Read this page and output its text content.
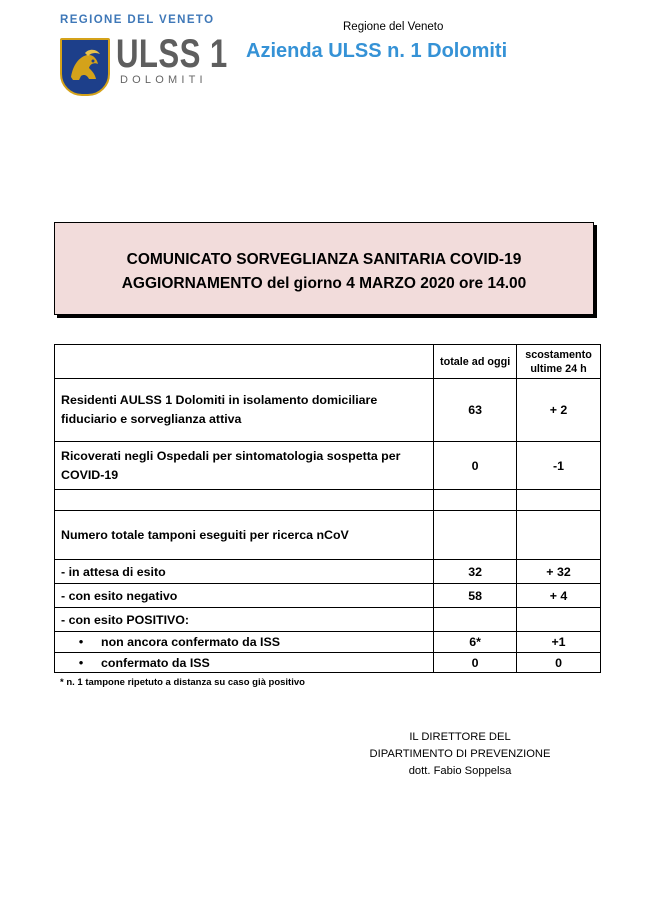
REGIONE DEL VENETO
ULSS 1
DOLOMITI
Regione del Veneto
Azienda ULSS n. 1 Dolomiti
COMUNICATO SORVEGLIANZA SANITARIA COVID-19
AGGIORNAMENTO del giorno 4 MARZO 2020 ore 14.00
	totale ad oggi	scostamento ultime 24 h
Residenti AULSS 1 Dolomiti in isolamento domiciliare fiduciario e sorveglianza attiva	63	+ 2
Ricoverati negli Ospedali per sintomatologia sospetta per COVID-19	0	-1

Numero totale tamponi eseguiti per ricerca nCoV		
- in attesa di esito	32	+ 32
- con esito negativo	58	+ 4
- con esito POSITIVO:		
• non ancora confermato da ISS	6*	+1
• confermato da ISS	0	0
* n. 1 tampone ripetuto a distanza su caso già positivo
IL DIRETTORE DEL
DIPARTIMENTO DI PREVENZIONE
dott. Fabio Soppelsa
